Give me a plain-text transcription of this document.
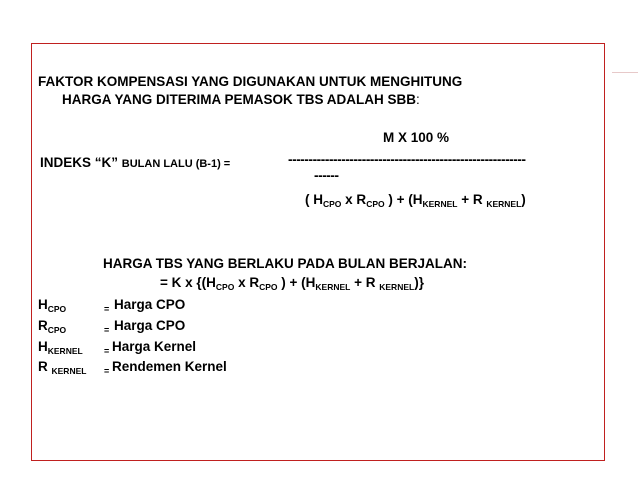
FAKTOR KOMPENSASI YANG DIGUNAKAN UNTUK MENGHITUNG
HARGA YANG DITERIMA PEMASOK TBS ADALAH SBB:
M X 100 %
INDEKS “K” BULAN LALU (B-1) =	----------------------------------------------------------
------
( $H_{CPO}$ x $R_{CPO}$ ) + ($H_{KERNEL} + R$ $_{KERNEL}$)
HARGA TBS YANG BERLAKU PADA BULAN BERJALAN:
= K x {($H_{CPO}$ x $R_{CPO}$ ) + ($H_{KERNEL} + R$ $_{KERNEL}$)}
$H_{CPO}$	$_=$ Harga CPO
$R_{CPO}$	$_=$ Harga CPO
$H_{KERNEL}$ $_=$ Harga Kernel
R $_{KERNEL}$ $_=$ Rendemen Kernel
